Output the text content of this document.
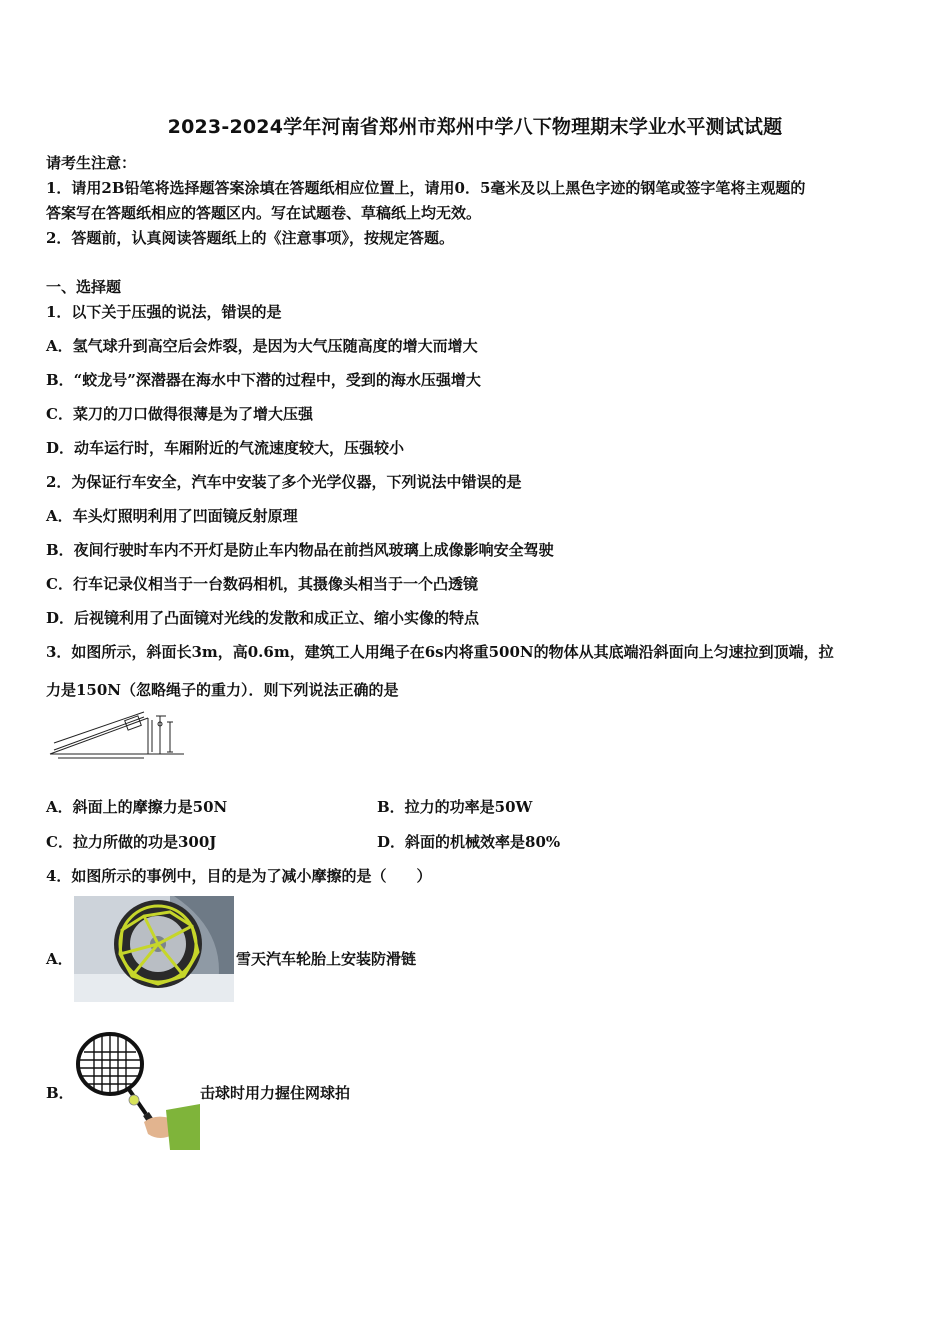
2023-2024学年河南省郑州市郑州中学八下物理期末学业水平测试试题
请考生注意：
1．请用2B铅笔将选择题答案涂填在答题纸相应位置上，请用0．5毫米及以上黑色字迹的钢笔或签字笔将主观题的
答案写在答题纸相应的答题区内。写在试题卷、草稿纸上均无效。
2．答题前，认真阅读答题纸上的《注意事项》，按规定答题。
一、选择题
1．以下关于压强的说法，错误的是
A．氢气球升到高空后会炸裂，是因为大气压随高度的增大而增大
B．“蛟龙号”深潜器在海水中下潜的过程中，受到的海水压强增大
C．菜刀的刀口做得很薄是为了增大压强
D．动车运行时，车厢附近的气流速度较大，压强较小
2．为保证行车安全，汽车中安装了多个光学仪器，下列说法中错误的是
A．车头灯照明利用了凹面镜反射原理
B．夜间行驶时车内不开灯是防止车内物品在前挡风玻璃上成像影响安全驾驶
C．行车记录仪相当于一台数码相机，其摄像头相当于一个凸透镜
D．后视镜利用了凸面镜对光线的发散和成正立、缩小实像的特点
3．如图所示，斜面长3m，高0.6m，建筑工人用绳子在6s内将重500N的物体从其底端沿斜面向上匀速拉到顶端，拉
力是150N（忽略绳子的重力）．则下列说法正确的是
A．斜面上的摩擦力是50N	B．拉力的功率是50W
C．拉力所做的功是300J	D．斜面的机械效率是80%
4．如图所示的事例中，目的是为了减小摩擦的是（　　）
A．	雪天汽车轮胎上安装防滑链
B．	击球时用力握住网球拍
